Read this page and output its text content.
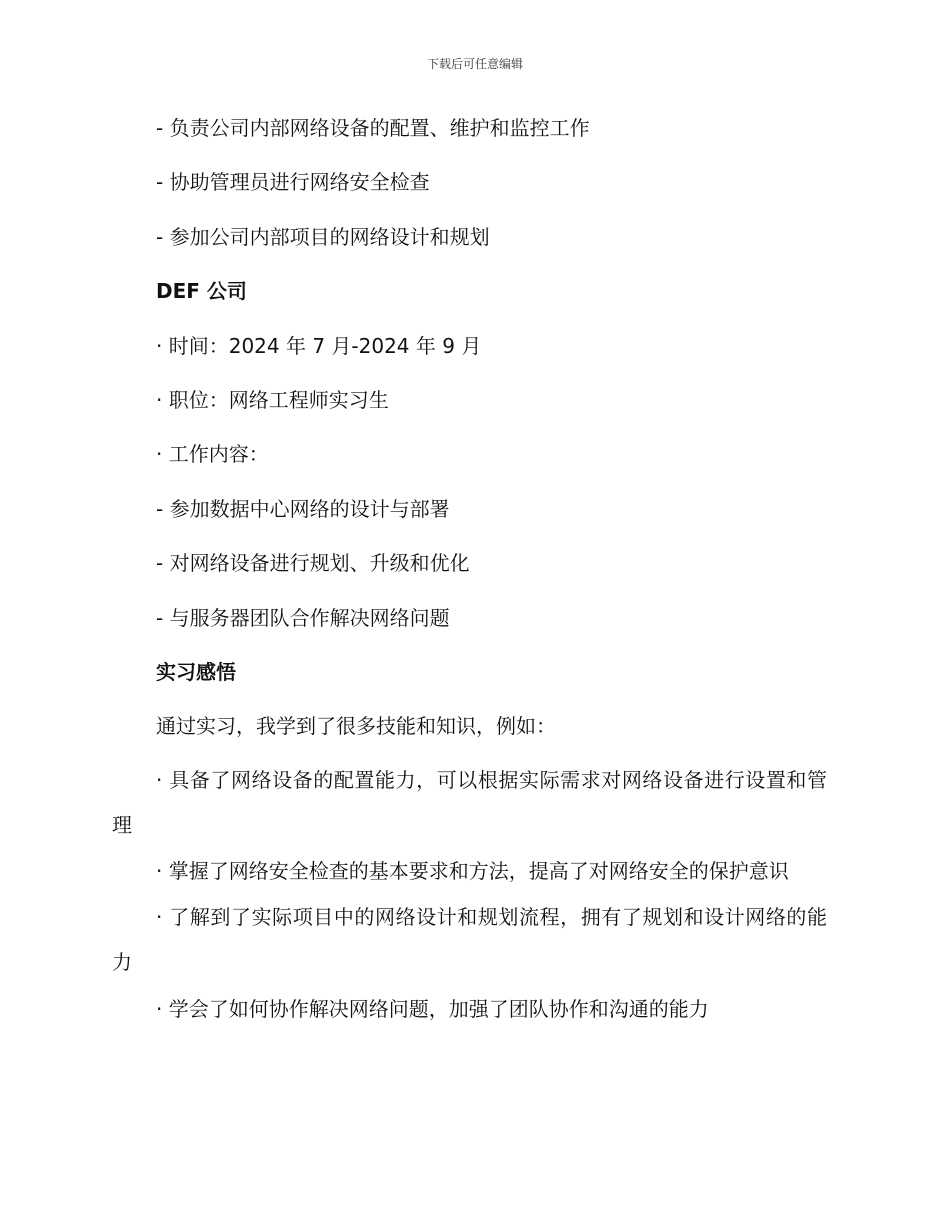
下载后可任意编辑
- 负责公司内部网络设备的配置、维护和监控工作
- 协助管理员进行网络安全检查
- 参加公司内部项目的网络设计和规划
DEF 公司
· 时间：2024 年 7 月-2024 年 9 月
· 职位：网络工程师实习生
· 工作内容：
- 参加数据中心网络的设计与部署
- 对网络设备进行规划、升级和优化
- 与服务器团队合作解决网络问题
实习感悟
通过实习，我学到了很多技能和知识，例如：
· 具备了网络设备的配置能力，可以根据实际需求对网络设备进行设置和管理
· 掌握了网络安全检查的基本要求和方法，提高了对网络安全的保护意识
· 了解到了实际项目中的网络设计和规划流程，拥有了规划和设计网络的能力
· 学会了如何协作解决网络问题，加强了团队协作和沟通的能力
